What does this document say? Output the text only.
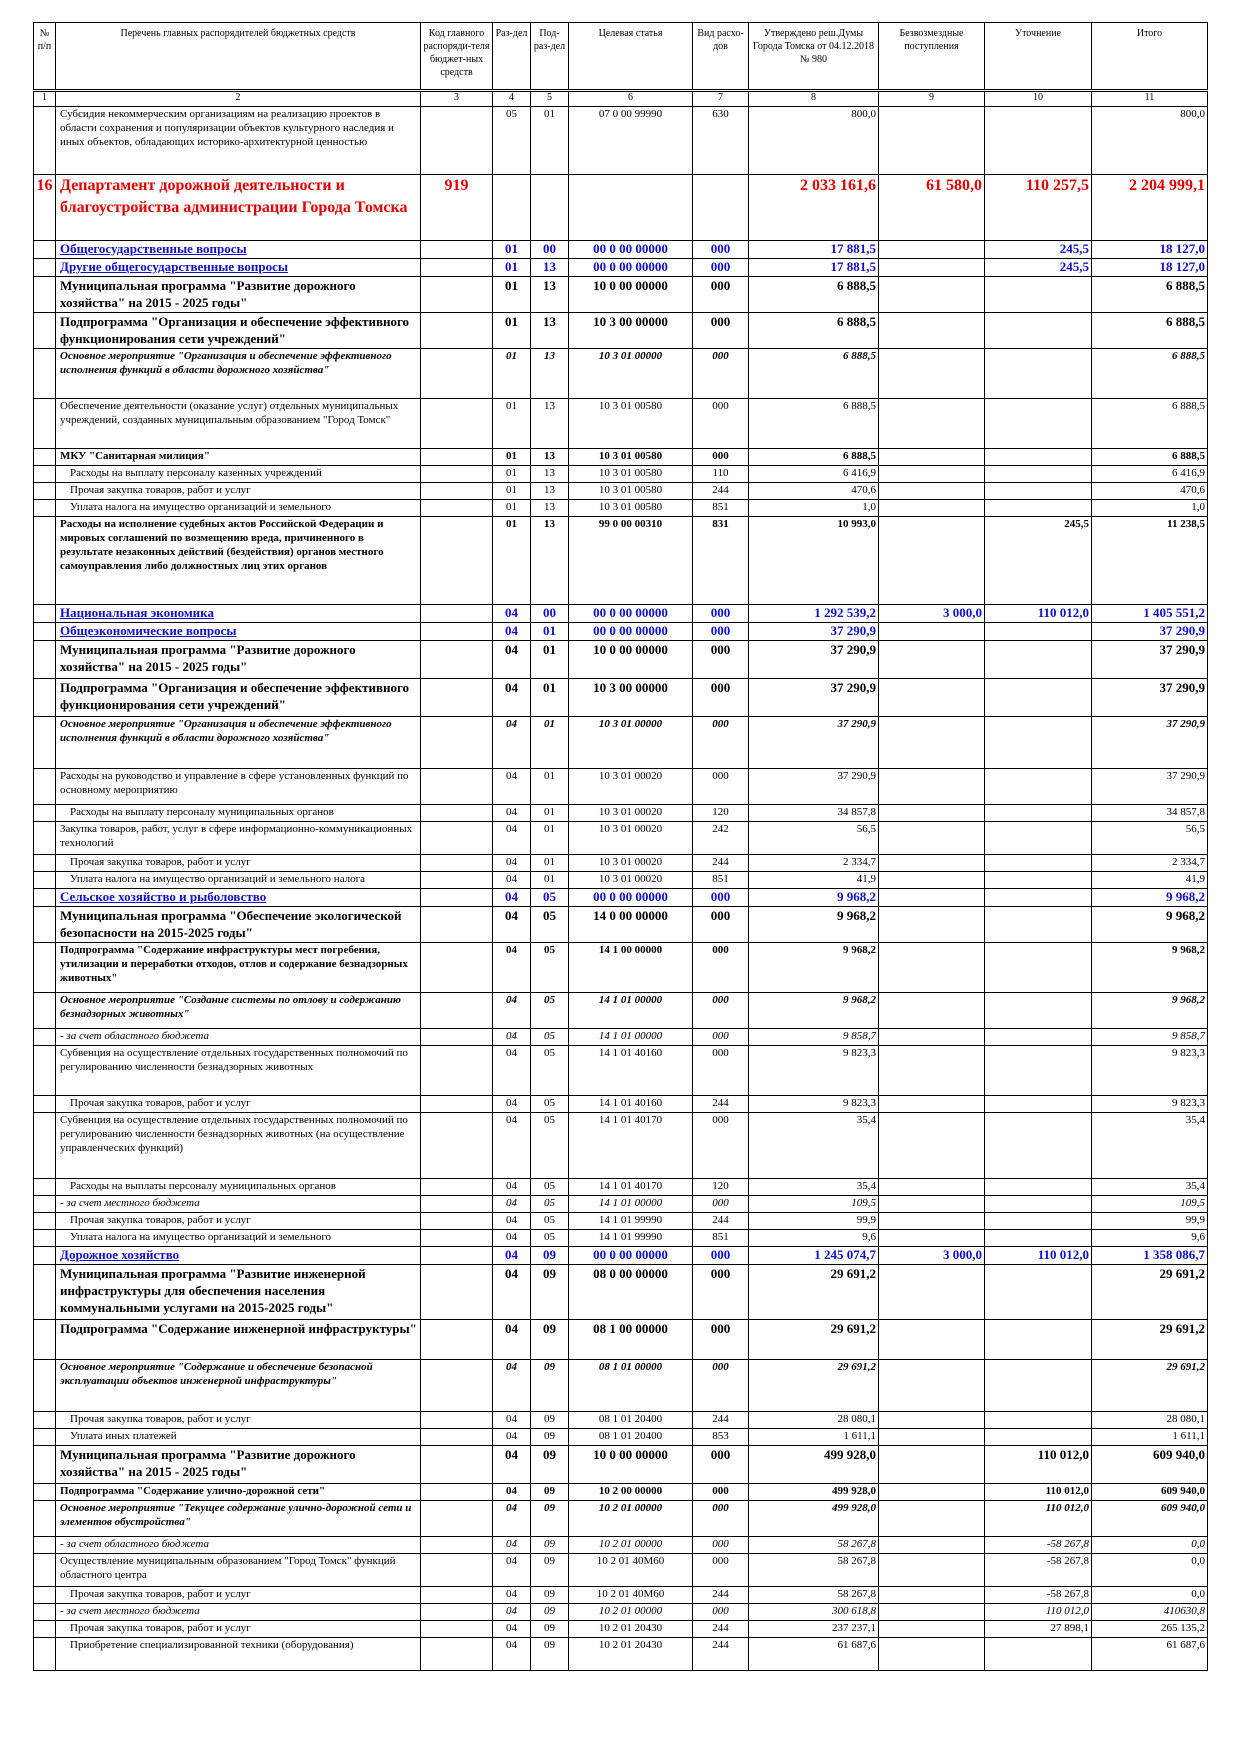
№ п/п	Перечень главных распорядителей бюджетных средств	Код главного распоряди-теля бюджет-ных средств	Раз-дел	Под-раз-дел	Целевая статья	Вид расхо-дов	Утверждено реш.Думы Города Томска от 04.12.2018 № 980	Безвозмездные поступления	Уточнение	Итого
1	2	3	4	5	6	7	8	9	10	11
	Субсидия некоммерческим организациям на реализацию проектов в области сохранения и популяризации объектов культурного наследия и иных объектов, обладающих историко-архитектурной ценностью		05	01	07 0 00 99990	630	800,0			800,0
16	Департамент дорожной деятельности и благоустройства администрации Города Томска	919					2 033 161,6	61 580,0	110 257,5	2 204 999,1
	Общегосударственные вопросы		01	00	00 0 00 00000	000	17 881,5		245,5	18 127,0
	Другие общегосударственные вопросы		01	13	00 0 00 00000	000	17 881,5		245,5	18 127,0
	Муниципальная программа "Развитие дорожного хозяйства" на 2015 - 2025 годы"		01	13	10 0 00 00000	000	6 888,5			6 888,5
	Подпрограмма "Организация и обеспечение эффективного функционирования сети учреждений"		01	13	10 3 00 00000	000	6 888,5			6 888,5
	Основное мероприятие "Организация и обеспечение эффективного исполнения функций в области дорожного хозяйства"		01	13	10 3 01 00000	000	6 888,5			6 888,5
	Обеспечение деятельности (оказание услуг) отдельных муниципальных учреждений, созданных муниципальным образованием "Город Томск"		01	13	10 3 01 00580	000	6 888,5			6 888,5
	МКУ "Санитарная милиция"		01	13	10 3 01 00580	000	6 888,5			6 888,5
	Расходы на выплату персоналу казенных учреждений		01	13	10 3 01 00580	110	6 416,9			6 416,9
	Прочая закупка товаров, работ и услуг		01	13	10 3 01 00580	244	470,6			470,6
	Уплата налога на имущество организаций и земельного		01	13	10 3 01 00580	851	1,0			1,0
	Расходы на исполнение судебных актов Российской Федерации и мировых соглашений по возмещению вреда, причиненного в результате незаконных действий (бездействия) органов местного самоуправления либо должностных лиц этих органов		01	13	99 0 00 00310	831	10 993,0		245,5	11 238,5
	Национальная экономика		04	00	00 0 00 00000	000	1 292 539,2	3 000,0	110 012,0	1 405 551,2
	Общеэкономические вопросы		04	01	00 0 00 00000	000	37 290,9			37 290,9
	Муниципальная программа "Развитие дорожного хозяйства" на 2015 - 2025 годы"		04	01	10 0 00 00000	000	37 290,9			37 290,9
	Подпрограмма "Организация и обеспечение эффективного функционирования сети учреждений"		04	01	10 3 00 00000	000	37 290,9			37 290,9
	Основное мероприятие "Организация и обеспечение эффективного исполнения функций в области дорожного хозяйства"		04	01	10 3 01 00000	000	37 290,9			37 290,9
	Расходы на руководство и управление в сфере установленных функций по основному мероприятию		04	01	10 3 01 00020	000	37 290,9			37 290,9
	Расходы на выплату персоналу муниципальных органов		04	01	10 3 01 00020	120	34 857,8			34 857,8
	Закупка товаров, работ, услуг в сфере информационно-коммуникационных технологий		04	01	10 3 01 00020	242	56,5			56,5
	Прочая закупка товаров, работ и услуг		04	01	10 3 01 00020	244	2 334,7			2 334,7
	Уплата налога на имущество организаций и земельного налога		04	01	10 3 01 00020	851	41,9			41,9
	Сельское хозяйство и рыболовство		04	05	00 0 00 00000	000	9 968,2			9 968,2
	Муниципальная программа "Обеспечение экологической безопасности на 2015-2025 годы"		04	05	14 0 00 00000	000	9 968,2			9 968,2
	Подпрограмма "Содержание инфраструктуры мест погребения, утилизации и переработки отходов, отлов и содержание безнадзорных животных"		04	05	14 1 00 00000	000	9 968,2			9 968,2
	Основное мероприятие "Создание системы по отлову и содержанию безнадзорных животных"		04	05	14 1 01 00000	000	9 968,2			9 968,2
	- за счет областного бюджета		04	05	14 1 01 00000	000	9 858,7			9 858,7
	Субвенция на осуществление отдельных государственных полномочий по регулированию численности безнадзорных животных		04	05	14 1 01 40160	000	9 823,3			9 823,3
	Прочая закупка товаров, работ и услуг		04	05	14 1 01 40160	244	9 823,3			9 823,3
	Субвенция на осуществление отдельных государственных полномочий по регулированию численности безнадзорных животных (на осуществление управленческих функций)		04	05	14 1 01 40170	000	35,4			35,4
	Расходы на выплаты персоналу муниципальных органов		04	05	14 1 01 40170	120	35,4			35,4
	- за счет местного бюджета		04	05	14 1 01 00000	000	109,5			109,5
	Прочая закупка товаров, работ и услуг		04	05	14 1 01 99990	244	99,9			99,9
	Уплата налога на имущество организаций и земельного		04	05	14 1 01 99990	851	9,6			9,6
	Дорожное хозяйство		04	09	00 0 00 00000	000	1 245 074,7	3 000,0	110 012,0	1 358 086,7
	Муниципальная программа "Развитие инженерной инфраструктуры для обеспечения населения коммунальными услугами на 2015-2025 годы"		04	09	08 0 00 00000	000	29 691,2			29 691,2
	Подпрограмма "Содержание инженерной инфраструктуры"		04	09	08 1 00 00000	000	29 691,2			29 691,2
	Основное мероприятие "Содержание и обеспечение безопасной эксплуатации объектов инженерной инфраструктуры"		04	09	08 1 01 00000	000	29 691,2			29 691,2
	Прочая закупка товаров, работ и услуг		04	09	08 1 01 20400	244	28 080,1			28 080,1
	Уплата иных платежей		04	09	08 1 01 20400	853	1 611,1			1 611,1
	Муниципальная программа "Развитие дорожного хозяйства" на 2015 - 2025 годы"		04	09	10 0 00 00000	000	499 928,0		110 012,0	609 940,0
	Подпрограмма "Содержание улично-дорожной сети"		04	09	10 2 00 00000	000	499 928,0		110 012,0	609 940,0
	Основное мероприятие "Текущее содержание улично-дорожной сети и элементов обустройства"		04	09	10 2 01 00000	000	499 928,0		110 012,0	609 940,0
	- за счет областного бюджета		04	09	10 2 01 00000	000	58 267,8		-58 267,8	0,0
	Осуществление муниципальным образованием "Город Томск" функций областного центра		04	09	10 2 01 40М60	000	58 267,8		-58 267,8	0,0
	Прочая закупка товаров, работ и услуг		04	09	10 2 01 40М60	244	58 267,8		-58 267,8	0,0
	- за счет местного бюджета		04	09	10 2 01 00000	000	300 618,8		110 012,0	410630,8
	Прочая закупка товаров, работ и услуг		04	09	10 2 01 20430	244	237 237,1		27 898,1	265 135,2
	Приобретение специализированной техники (оборудования)		04	09	10 2 01 20430	244	61 687,6			61 687,6
